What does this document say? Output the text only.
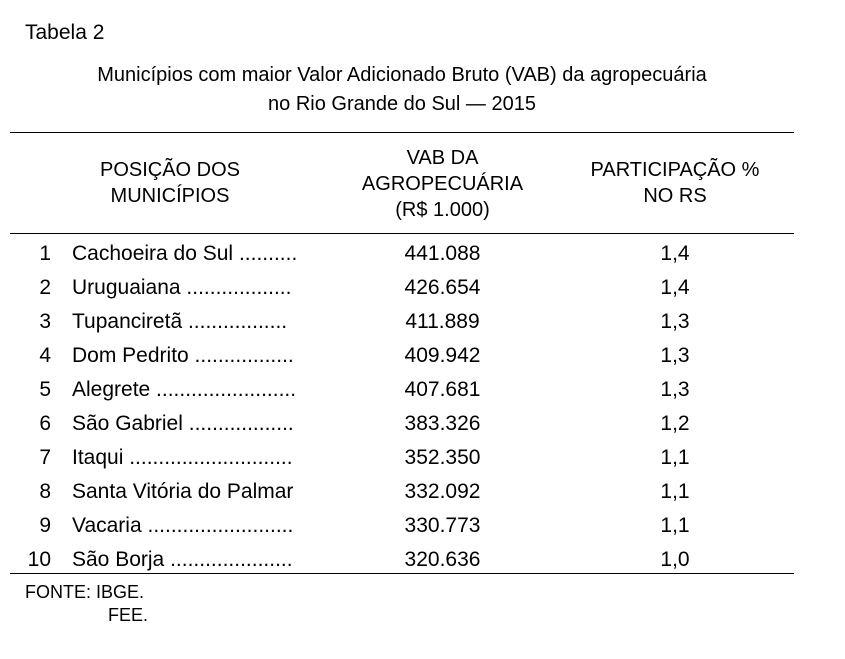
Tabela 2
Municípios com maior Valor Adicionado Bruto (VAB) da agropecuária
no Rio Grande do Sul — 2015
POSIÇÃO DOS
MUNICÍPIOS
VAB DA
AGROPECUÁRIA
(R$ 1.000)
PARTICIPAÇÃO %
NO RS
1 Cachoeira do Sul ..........	441.088	1,4
2 Uruguaiana ..................	426.654	1,4
3 Tupanciretã .................	411.889	1,3
4 Dom Pedrito .................	409.942	1,3
5 Alegrete ........................	407.681	1,3
6 São Gabriel ..................	383.326	1,2
7 Itaqui ............................	352.350	1,1
8 Santa Vitória do Palmar	332.092	1,1
9 Vacaria .........................	330.773	1,1
10 São Borja .....................	320.636	1,0
FONTE: IBGE.
FEE.
